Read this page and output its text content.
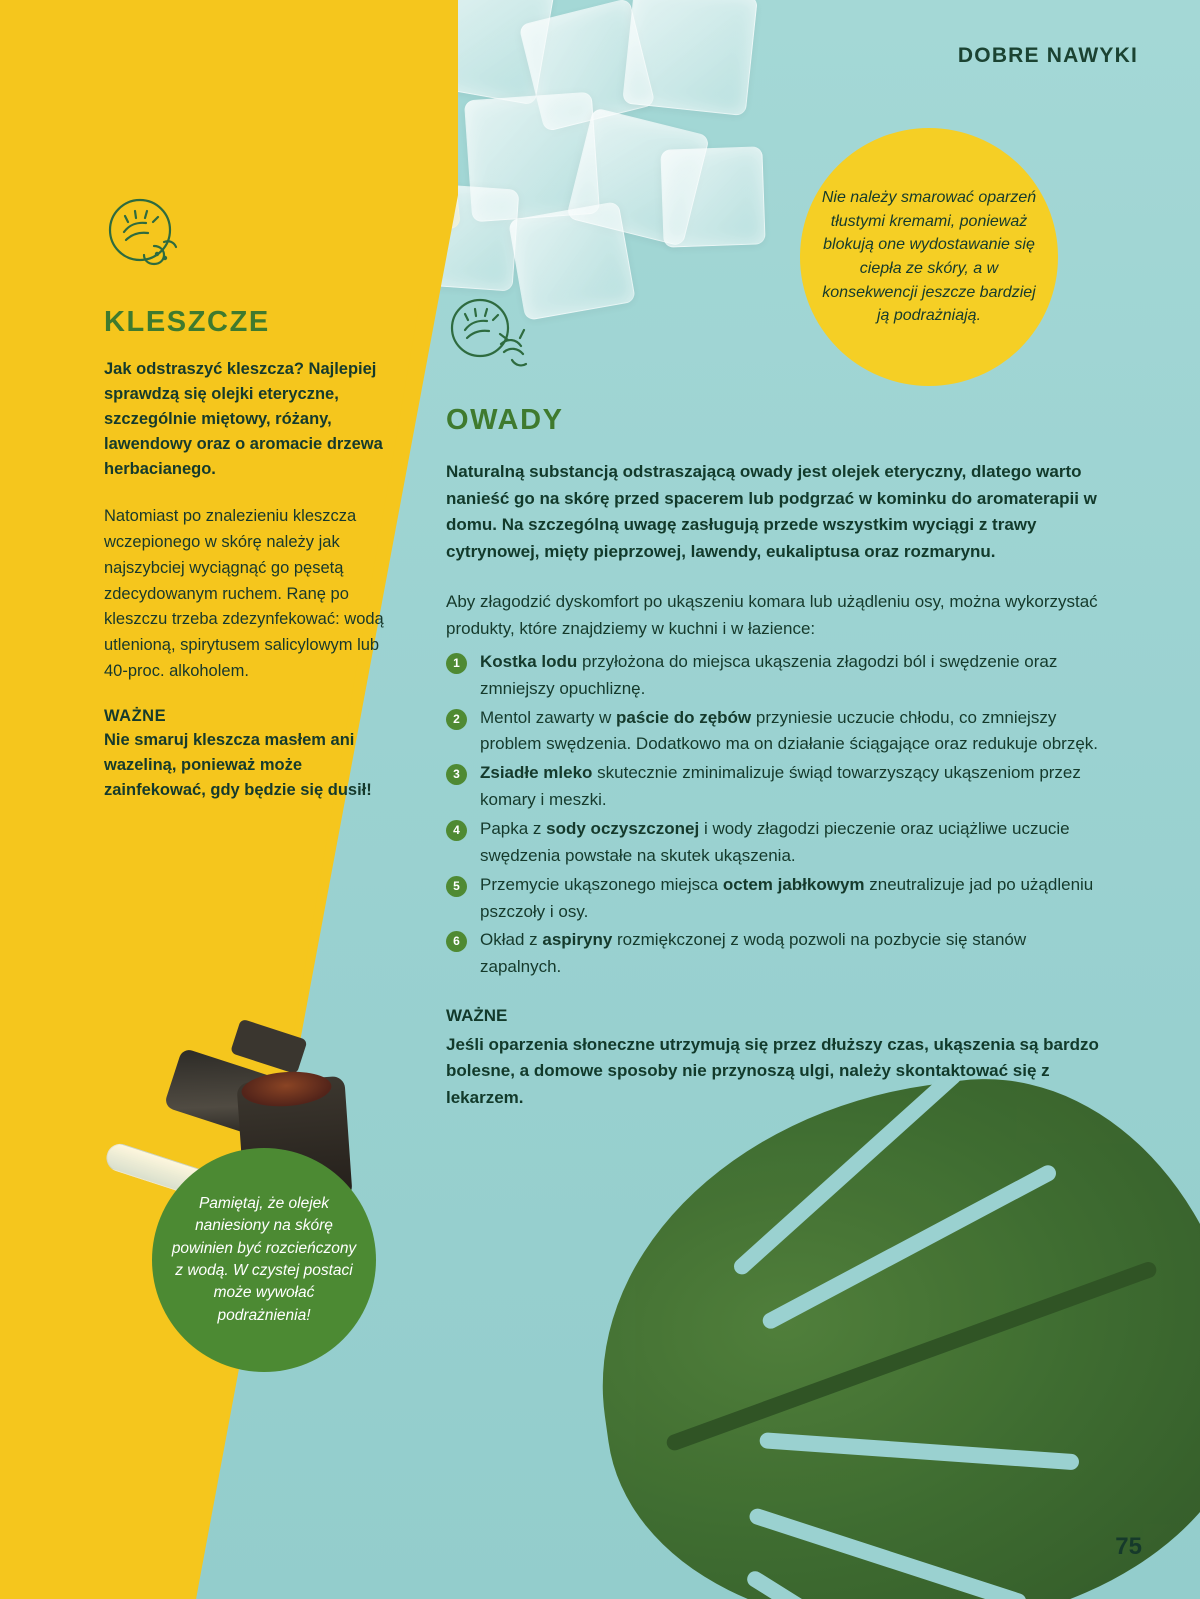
DOBRE NAWYKI

Nie należy smarować oparzeń tłustymi kremami, ponieważ blokują one wydostawanie się ciepła ze skóry, a w konsekwencji jeszcze bardziej ją podrażniają.

Pamiętaj, że olejek naniesiony na skórę powinien być rozcieńczony z wodą. W czystej postaci może wywołać podrażnienia!

KLESZCZE

Jak odstraszyć kleszcza? Najlepiej sprawdzą się olejki eteryczne, szczególnie miętowy, różany, lawendowy oraz o aromacie drzewa herbacianego.

Natomiast po znalezieniu kleszcza wczepionego w skórę należy jak najszybciej wyciągnąć go pęsetą zdecydowanym ruchem. Ranę po kleszczu trzeba zdezynfekować: wodą utlenioną, spirytusem salicylowym lub 40-proc. alkoholem.

WAŻNE

Nie smaruj kleszcza masłem ani wazeliną, ponieważ może zainfekować, gdy będzie się dusił!

OWADY

Naturalną substancją odstraszającą owady jest olejek eteryczny, dlatego warto nanieść go na skórę przed spacerem lub podgrzać w kominku do aromaterapii w domu. Na szczególną uwagę zasługują przede wszystkim wyciągi z trawy cytrynowej, mięty pieprzowej, lawendy, eukaliptusa oraz rozmarynu.

Aby złagodzić dyskomfort po ukąszeniu komara lub użądleniu osy, można wykorzystać produkty, które znajdziemy w kuchni i w łazience:

1	Kostka lodu przyłożona do miejsca ukąszenia złagodzi ból i swędzenie oraz zmniejszy opuchliznę.
2	Mentol zawarty w paście do zębów przyniesie uczucie chłodu, co zmniejszy problem swędzenia. Dodatkowo ma on działanie ściągające oraz redukuje obrzęk.
3	Zsiadłe mleko skutecznie zminimalizuje świąd towarzyszący ukąszeniom przez komary i meszki.
4	Papka z sody oczyszczonej i wody złagodzi pieczenie oraz uciążliwe uczucie swędzenia powstałe na skutek ukąszenia.
5	Przemycie ukąszonego miejsca octem jabłkowym zneutralizuje jad po użądleniu pszczoły i osy.
6	Okład z aspiryny rozmiękczonej z wodą pozwoli na pozbycie się stanów zapalnych.

WAŻNE

Jeśli oparzenia słoneczne utrzymują się przez dłuższy czas, ukąszenia są bardzo bolesne, a domowe sposoby nie przynoszą ulgi, należy skontaktować się z lekarzem.

75
